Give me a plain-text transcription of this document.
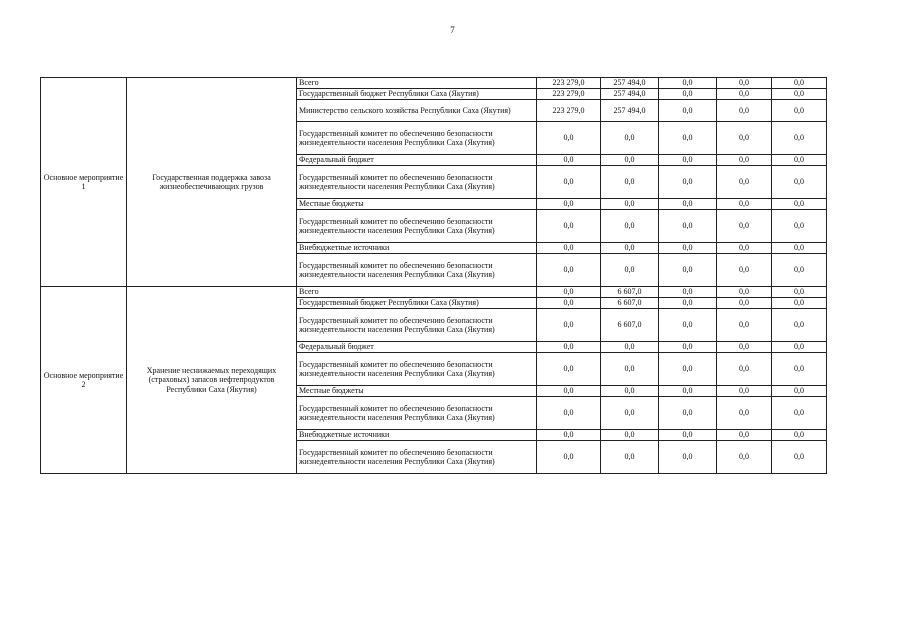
7
Основное мероприятие 1	Государственная поддержка завоза жизнеобеспечивающих грузов	Всего	223 279,0	257 494,0	0,0	0,0	0,0
		Государственный бюджет Республики Саха (Якутия)	223 279,0	257 494,0	0,0	0,0	0,0
		Министерство сельского хозяйства Республики Саха (Якутия)	223 279,0	257 494,0	0,0	0,0	0,0
		Государственный комитет по обеспечению безопасности жизнедеятельности населения Республики Саха (Якутия)	0,0	0,0	0,0	0,0	0,0
		Федеральный бюджет	0,0	0,0	0,0	0,0	0,0
		Государственный комитет по обеспечению безопасности жизнедеятельности населения Республики Саха (Якутия)	0,0	0,0	0,0	0,0	0,0
		Местные бюджеты	0,0	0,0	0,0	0,0	0,0
		Государственный комитет по обеспечению безопасности жизнедеятельности населения Республики Саха (Якутия)	0,0	0,0	0,0	0,0	0,0
		Внебюджетные источники	0,0	0,0	0,0	0,0	0,0
		Государственный комитет по обеспечению безопасности жизнедеятельности населения Республики Саха (Якутия)	0,0	0,0	0,0	0,0	0,0
Основное мероприятие 2	Хранение неснижаемых переходящих (страховых) запасов нефтепродуктов Республики Саха (Якутия)	Всего	0,0	6 607,0	0,0	0,0	0,0
		Государственный бюджет Республики Саха (Якутия)	0,0	6 607,0	0,0	0,0	0,0
		Государственный комитет по обеспечению безопасности жизнедеятельности населения Республики Саха (Якутия)	0,0	6 607,0	0,0	0,0	0,0
		Федеральный бюджет	0,0	0,0	0,0	0,0	0,0
		Государственный комитет по обеспечению безопасности жизнедеятельности населения Республики Саха (Якутия)	0,0	0,0	0,0	0,0	0,0
		Местные бюджеты	0,0	0,0	0,0	0,0	0,0
		Государственный комитет по обеспечению безопасности жизнедеятельности населения Республики Саха (Якутия)	0,0	0,0	0,0	0,0	0,0
		Внебюджетные источники	0,0	0,0	0,0	0,0	0,0
		Государственный комитет по обеспечению безопасности жизнедеятельности населения Республики Саха (Якутия)	0,0	0,0	0,0	0,0	0,0
